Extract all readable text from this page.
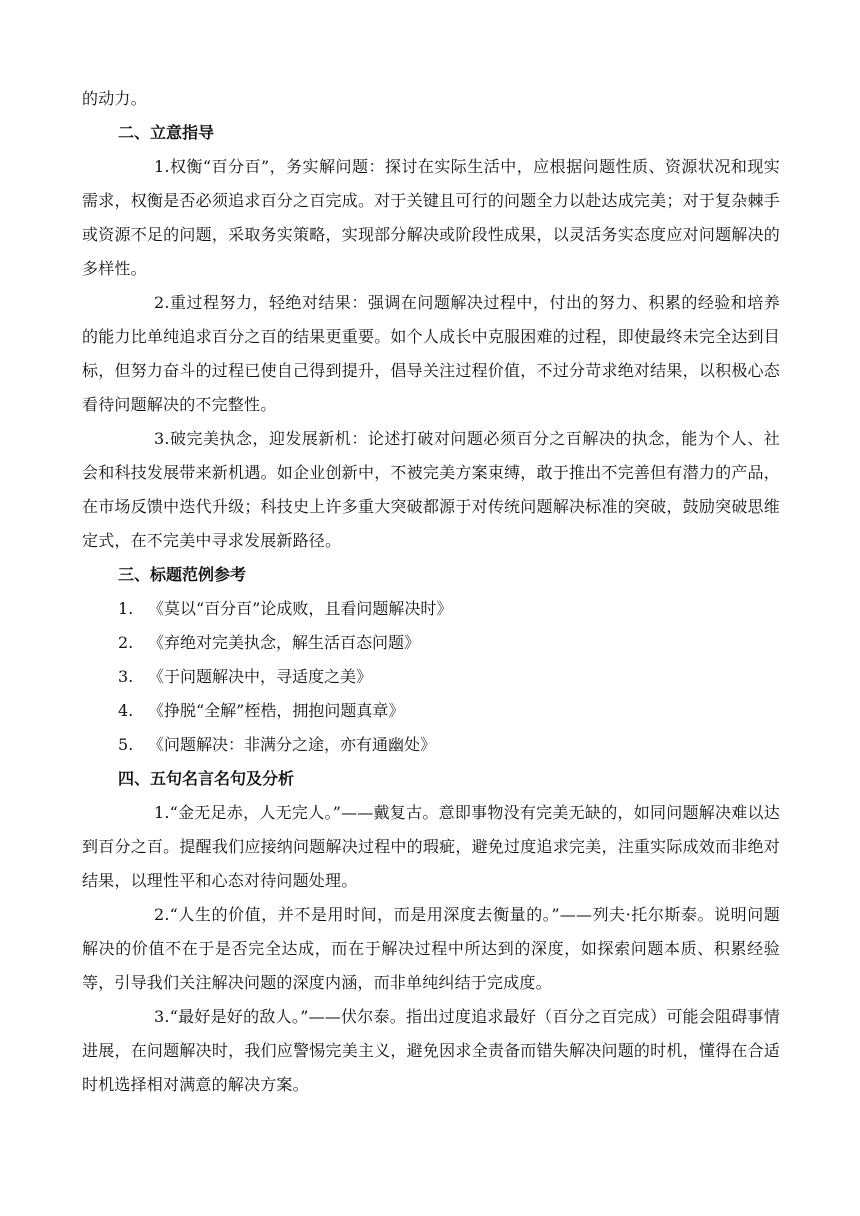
的动力。

二、立意指导

1.权衡“百分百”，务实解问题：探讨在实际生活中，应根据问题性质、资源状况和现实需求，权衡是否必须追求百分之百完成。对于关键且可行的问题全力以赴达成完美；对于复杂棘手或资源不足的问题，采取务实策略，实现部分解决或阶段性成果，以灵活务实态度应对问题解决的多样性。

2.重过程努力，轻绝对结果：强调在问题解决过程中，付出的努力、积累的经验和培养的能力比单纯追求百分之百的结果更重要。如个人成长中克服困难的过程，即使最终未完全达到目标，但努力奋斗的过程已使自己得到提升，倡导关注过程价值，不过分苛求绝对结果，以积极心态看待问题解决的不完整性。

3.破完美执念，迎发展新机：论述打破对问题必须百分之百解决的执念，能为个人、社会和科技发展带来新机遇。如企业创新中，不被完美方案束缚，敢于推出不完善但有潜力的产品，在市场反馈中迭代升级；科技史上许多重大突破都源于对传统问题解决标准的突破，鼓励突破思维定式，在不完美中寻求发展新路径。

三、标题范例参考

1. 《莫以“百分百”论成败，且看问题解决时》

2. 《弃绝对完美执念，解生活百态问题》

3. 《于问题解决中，寻适度之美》

4. 《挣脱“全解”桎梏，拥抱问题真章》

5. 《问题解决：非满分之途，亦有通幽处》

四、五句名言名句及分析

1.“金无足赤，人无完人。”——戴复古。意即事物没有完美无缺的，如同问题解决难以达到百分之百。提醒我们应接纳问题解决过程中的瑕疵，避免过度追求完美，注重实际成效而非绝对结果，以理性平和心态对待问题处理。

2.“人生的价值，并不是用时间，而是用深度去衡量的。”——列夫·托尔斯泰。说明问题解决的价值不在于是否完全达成，而在于解决过程中所达到的深度，如探索问题本质、积累经验等，引导我们关注解决问题的深度内涵，而非单纯纠结于完成度。

3.“最好是好的敌人。”——伏尔泰。指出过度追求最好（百分之百完成）可能会阻碍事情进展，在问题解决时，我们应警惕完美主义，避免因求全责备而错失解决问题的时机，懂得在合适时机选择相对满意的解决方案。
